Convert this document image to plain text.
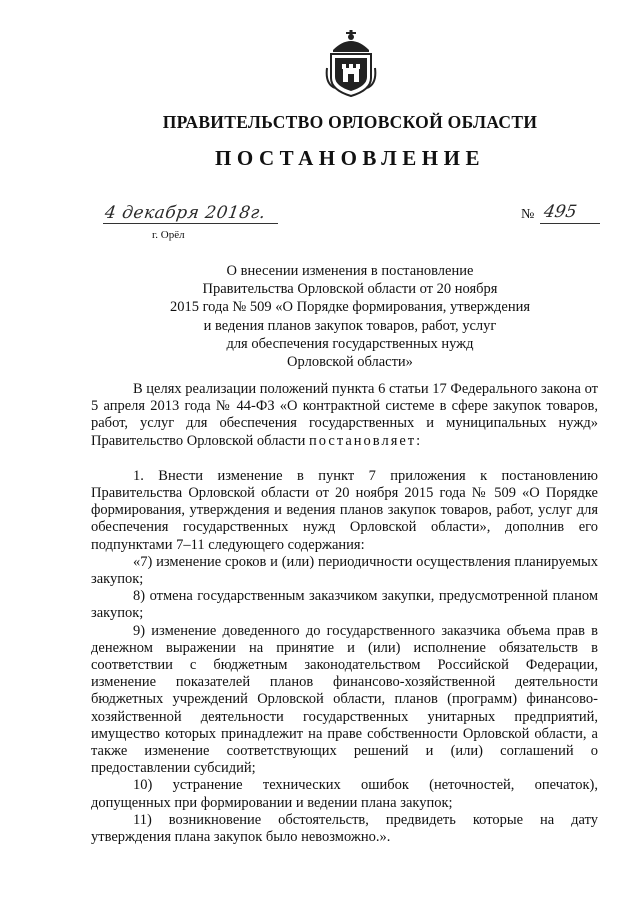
ПРАВИТЕЛЬСТВО ОРЛОВСКОЙ ОБЛАСТИ
ПОСТАНОВЛЕНИЕ
4 декабря 2018г.
г. Орёл
№ 495
О внесении изменения в постановление
Правительства Орловской области от 20 ноября
2015 года № 509 «О Порядке формирования, утверждения
и ведения планов закупок товаров, работ, услуг
для обеспечения государственных нужд
Орловской области»

В целях реализации положений пункта 6 статьи 17 Федерального закона от 5 апреля 2013 года № 44-ФЗ «О контрактной системе в сфере закупок товаров, работ, услуг для обеспечения государственных и муниципальных нужд» Правительство Орловской области постановляет:

1. Внести изменение в пункт 7 приложения к постановлению Правительства Орловской области от 20 ноября 2015 года № 509 «О Порядке формирования, утверждения и ведения планов закупок товаров, работ, услуг для обеспечения государственных нужд Орловской области», дополнив его подпунктами 7–11 следующего содержания:

«7) изменение сроков и (или) периодичности осуществления планируемых закупок;

8) отмена государственным заказчиком закупки, предусмотренной планом закупок;

9) изменение доведенного до государственного заказчика объема прав в денежном выражении на принятие и (или) исполнение обязательств в соответствии с бюджетным законодательством Российской Федерации, изменение показателей планов финансово-хозяйственной деятельности бюджетных учреждений Орловской области, планов (программ) финансово-хозяйственной деятельности государственных унитарных предприятий, имущество которых принадлежит на праве собственности Орловской области, а также изменение соответствующих решений и (или) соглашений о предоставлении субсидий;

10) устранение технических ошибок (неточностей, опечаток), допущенных при формировании и ведении плана закупок;

11) возникновение обстоятельств, предвидеть которые на дату утверждения плана закупок было невозможно.».
